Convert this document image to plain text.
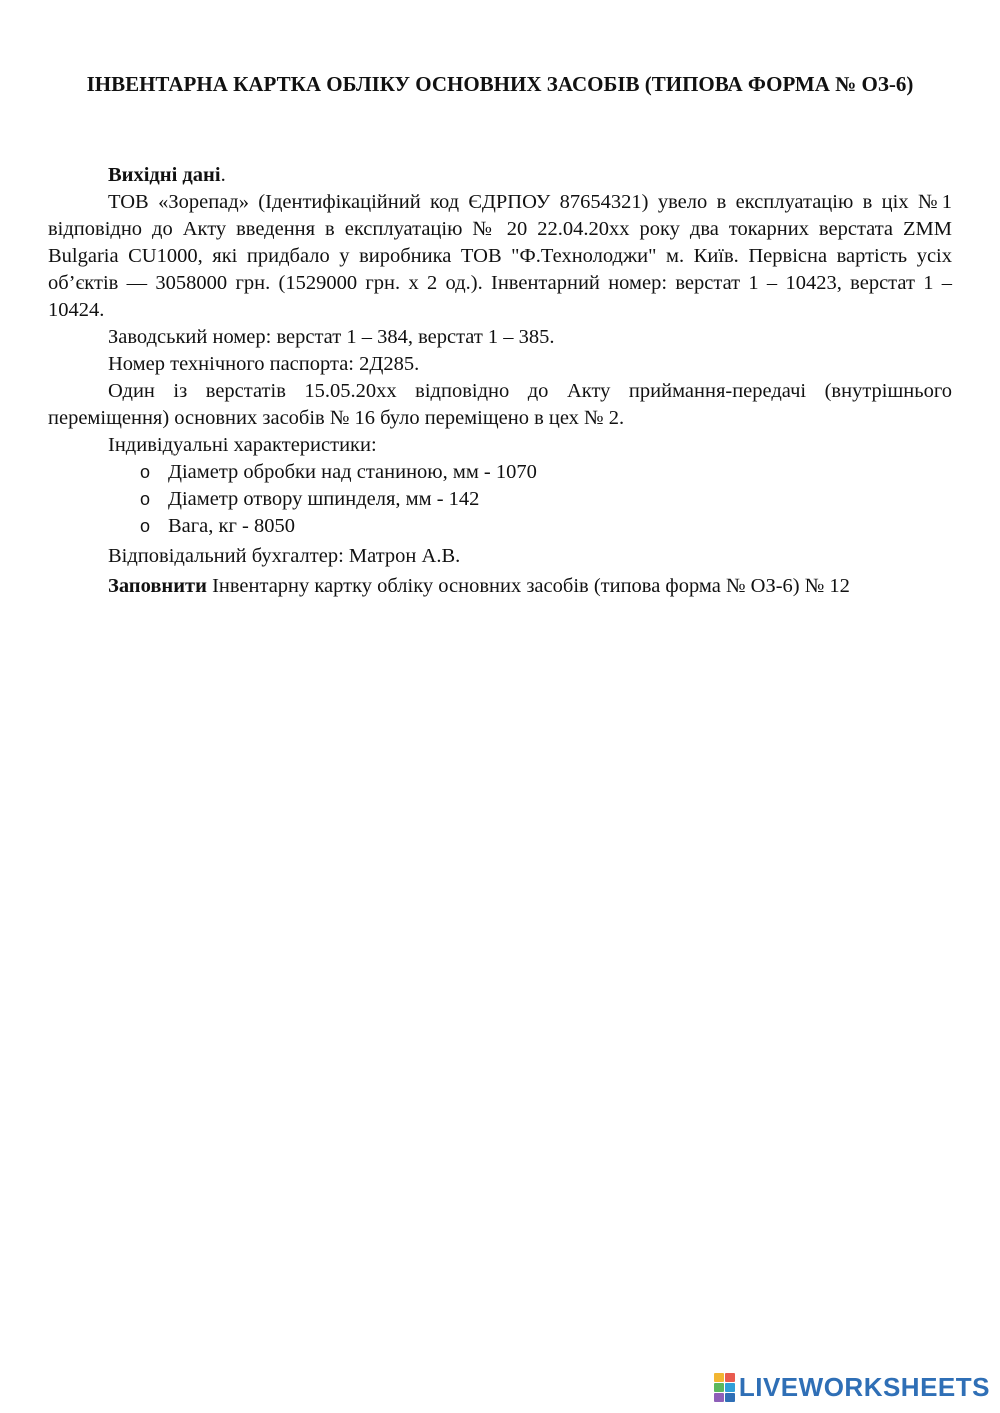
ІНВЕНТАРНА КАРТКА ОБЛІКУ ОСНОВНИХ ЗАСОБІВ (ТИПОВА ФОРМА № ОЗ-6)

Вихідні дані.

ТОВ «Зорепад» (Ідентифікаційний код ЄДРПОУ 87654321) увело в експлуатацію в ціх №1 відповідно до Акту введення в експлуатацію № 20 22.04.20хх року два токарних верстата ZMM Bulgaria CU1000, які придбало у виробника ТОВ "Ф.Технолоджи" м. Київ. Первісна вартість усіх об’єктів — 3058000 грн. (1529000 грн. х 2 од.). Інвентарний номер: верстат 1 – 10423, верстат 1 – 10424.

Заводський номер: верстат 1 – 384, верстат 1 – 385.

Номер технічного паспорта: 2Д285.

Один із верстатів 15.05.20хх відповідно до Акту приймання-передачі (внутрішнього переміщення) основних засобів № 16 було переміщено в цех № 2.

Індивідуальні характеристики:

o Діаметр обробки над станиною, мм - 1070
o Діаметр отвору шпинделя, мм - 142
o Вага, кг - 8050

Відповідальний бухгалтер: Матрон А.В.

Заповнити Інвентарну картку обліку основних засобів (типова форма № ОЗ-6) № 12

LIVEWORKSHEETS
